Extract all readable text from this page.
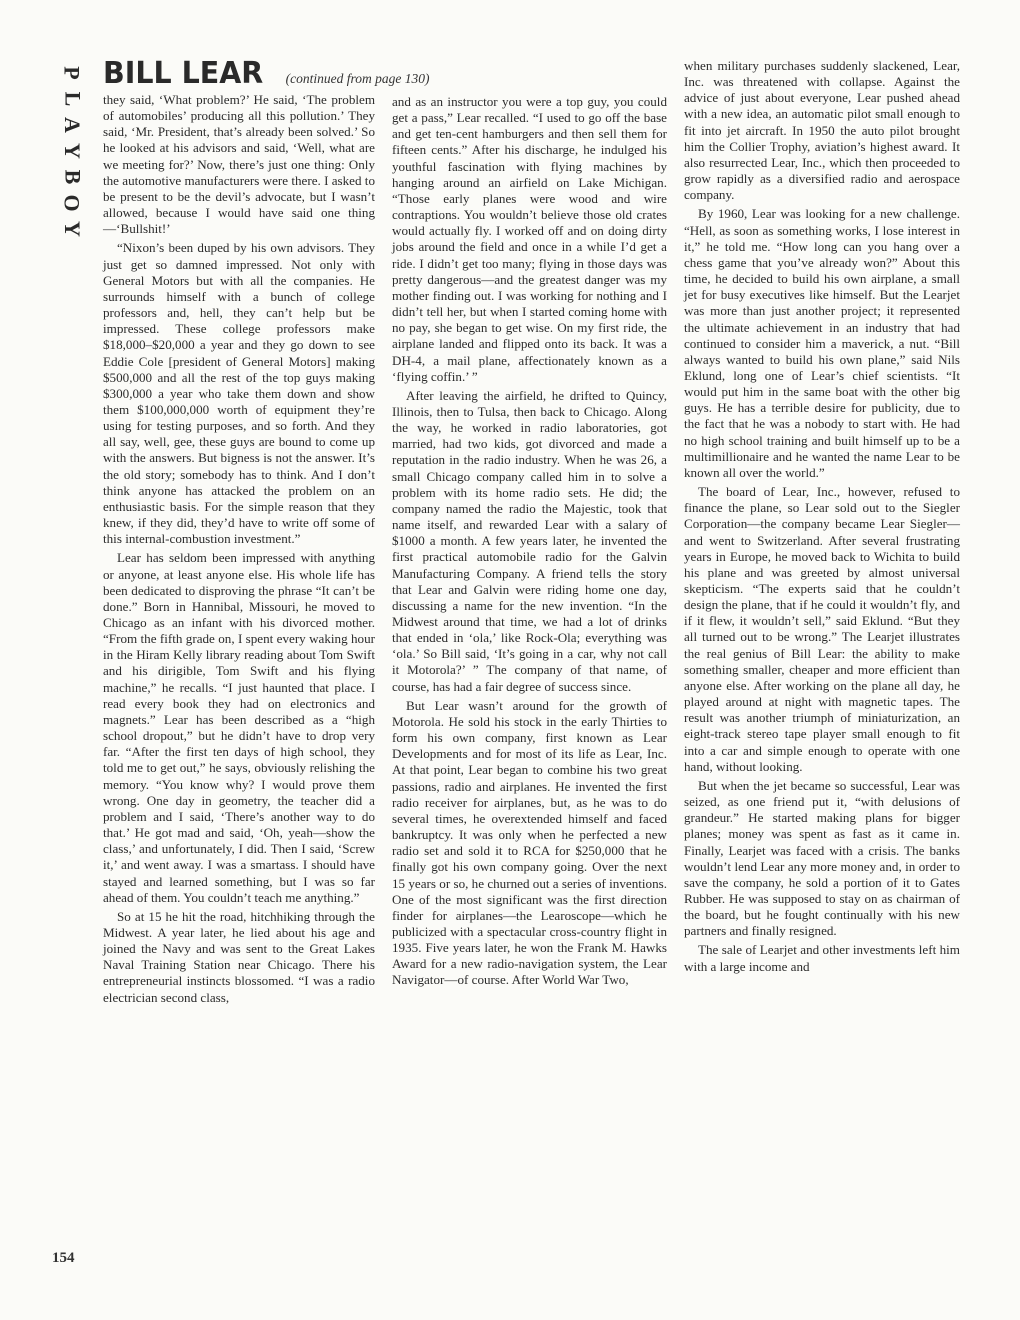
P
L
A
Y
B
O
Y
BILL LEAR (continued from page 130)

they said, ‘What problem?’ He said, ‘The problem of automobiles’ producing all this pollution.’ They said, ‘Mr. President, that’s already been solved.’ So he looked at his advisors and said, ‘Well, what are we meeting for?’ Now, there’s just one thing: Only the automotive manufacturers were there. I asked to be present to be the devil’s advocate, but I wasn’t allowed, because I would have said one thing—‘Bullshit!’

“Nixon’s been duped by his own advisors. They just get so damned impressed. Not only with General Motors but with all the companies. He surrounds himself with a bunch of college professors and, hell, they can’t help but be impressed. These college professors make $18,000–$20,000 a year and they go down to see Eddie Cole [president of General Motors] making $500,000 and all the rest of the top guys making $300,000 a year who take them down and show them $100,000,000 worth of equipment they’re using for testing purposes, and so forth. And they all say, well, gee, these guys are bound to come up with the answers. But bigness is not the answer. It’s the old story; somebody has to think. And I don’t think anyone has attacked the problem on an enthusiastic basis. For the simple reason that they knew, if they did, they’d have to write off some of this internal-combustion investment.”

Lear has seldom been impressed with anything or anyone, at least anyone else. His whole life has been dedicated to disproving the phrase “It can’t be done.” Born in Hannibal, Missouri, he moved to Chicago as an infant with his divorced mother. “From the fifth grade on, I spent every waking hour in the Hiram Kelly library reading about Tom Swift and his dirigible, Tom Swift and his flying machine,” he recalls. “I just haunted that place. I read every book they had on electronics and magnets.” Lear has been described as a “high school dropout,” but he didn’t have to drop very far. “After the first ten days of high school, they told me to get out,” he says, obviously relishing the memory. “You know why? I would prove them wrong. One day in geometry, the teacher did a problem and I said, ‘There’s another way to do that.’ He got mad and said, ‘Oh, yeah—show the class,’ and unfortunately, I did. Then I said, ‘Screw it,’ and went away. I was a smartass. I should have stayed and learned something, but I was so far ahead of them. You couldn’t teach me anything.”

So at 15 he hit the road, hitchhiking through the Midwest. A year later, he lied about his age and joined the Navy and was sent to the Great Lakes Naval Training Station near Chicago. There his entrepreneurial instincts blossomed. “I was a radio electrician second class,

and as an instructor you were a top guy, you could get a pass,” Lear recalled. “I used to go off the base and get ten-cent hamburgers and then sell them for fifteen cents.” After his discharge, he indulged his youthful fascination with flying machines by hanging around an airfield on Lake Michigan. “Those early planes were wood and wire contraptions. You wouldn’t believe those old crates would actually fly. I worked off and on doing dirty jobs around the field and once in a while I’d get a ride. I didn’t get too many; flying in those days was pretty dangerous—and the greatest danger was my mother finding out. I was working for nothing and I didn’t tell her, but when I started coming home with no pay, she began to get wise. On my first ride, the airplane landed and flipped onto its back. It was a DH-4, a mail plane, affectionately known as a ‘flying coffin.’ ”

After leaving the airfield, he drifted to Quincy, Illinois, then to Tulsa, then back to Chicago. Along the way, he worked in radio laboratories, got married, had two kids, got divorced and made a reputation in the radio industry. When he was 26, a small Chicago company called him in to solve a problem with its home radio sets. He did; the company named the radio the Majestic, took that name itself, and rewarded Lear with a salary of $1000 a month. A few years later, he invented the first practical automobile radio for the Galvin Manufacturing Company. A friend tells the story that Lear and Galvin were riding home one day, discussing a name for the new invention. “In the Midwest around that time, we had a lot of drinks that ended in ‘ola,’ like Rock-Ola; everything was ‘ola.’ So Bill said, ‘It’s going in a car, why not call it Motorola?’ ” The company of that name, of course, has had a fair degree of success since.

But Lear wasn’t around for the growth of Motorola. He sold his stock in the early Thirties to form his own company, first known as Lear Developments and for most of its life as Lear, Inc. At that point, Lear began to combine his two great passions, radio and airplanes. He invented the first radio receiver for airplanes, but, as he was to do several times, he overextended himself and faced bankruptcy. It was only when he perfected a new radio set and sold it to RCA for $250,000 that he finally got his own company going. Over the next 15 years or so, he churned out a series of inventions. One of the most significant was the first direction finder for airplanes—the Learoscope—which he publicized with a spectacular cross-country flight in 1935. Five years later, he won the Frank M. Hawks Award for a new radio-navigation system, the Lear Navigator—of course. After World War Two,

when military purchases suddenly slackened, Lear, Inc. was threatened with collapse. Against the advice of just about everyone, Lear pushed ahead with a new idea, an automatic pilot small enough to fit into jet aircraft. In 1950 the auto pilot brought him the Collier Trophy, aviation’s highest award. It also resurrected Lear, Inc., which then proceeded to grow rapidly as a diversified radio and aerospace company.

By 1960, Lear was looking for a new challenge. “Hell, as soon as something works, I lose interest in it,” he told me. “How long can you hang over a chess game that you’ve already won?” About this time, he decided to build his own airplane, a small jet for busy executives like himself. But the Learjet was more than just another project; it represented the ultimate achievement in an industry that had continued to consider him a maverick, a nut. “Bill always wanted to build his own plane,” said Nils Eklund, long one of Lear’s chief scientists. “It would put him in the same boat with the other big guys. He has a terrible desire for publicity, due to the fact that he was a nobody to start with. He had no high school training and built himself up to be a multimillionaire and he wanted the name Lear to be known all over the world.”

The board of Lear, Inc., however, refused to finance the plane, so Lear sold out to the Siegler Corporation—the company became Lear Siegler—and went to Switzerland. After several frustrating years in Europe, he moved back to Wichita to build his plane and was greeted by almost universal skepticism. “The experts said that he couldn’t design the plane, that if he could it wouldn’t fly, and if it flew, it wouldn’t sell,” said Eklund. “But they all turned out to be wrong.” The Learjet illustrates the real genius of Bill Lear: the ability to make something smaller, cheaper and more efficient than anyone else. After working on the plane all day, he played around at night with magnetic tapes. The result was another triumph of miniaturization, an eight-track stereo tape player small enough to fit into a car and simple enough to operate with one hand, without looking.

But when the jet became so successful, Lear was seized, as one friend put it, “with delusions of grandeur.” He started making plans for bigger planes; money was spent as fast as it came in. Finally, Learjet was faced with a crisis. The banks wouldn’t lend Lear any more money and, in order to save the company, he sold a portion of it to Gates Rubber. He was supposed to stay on as chairman of the board, but he fought continually with his new partners and finally resigned.

The sale of Learjet and other investments left him with a large income and

154
